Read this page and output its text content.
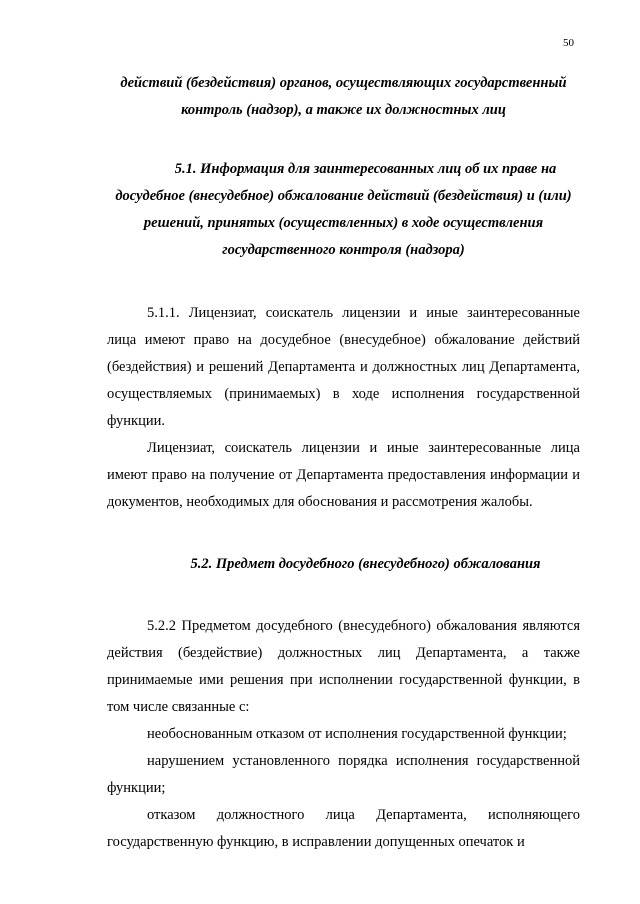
50

действий (бездействия) органов, осуществляющих государственный контроль (надзор), а также их должностных лиц

5.1. Информация для заинтересованных лиц об их праве на досудебное (внесудебное) обжалование действий (бездействия) и (или) решений, принятых (осуществленных) в ходе осуществления государственного контроля (надзора)

5.1.1. Лицензиат, соискатель лицензии и иные заинтересованные лица имеют право на досудебное (внесудебное) обжалование действий (бездействия) и решений Департамента и должностных лиц Департамента, осуществляемых (принимаемых) в ходе исполнения государственной функции.

Лицензиат, соискатель лицензии и иные заинтересованные лица имеют право на получение от Департамента предоставления информации и документов, необходимых для обоснования и рассмотрения жалобы.

5.2. Предмет досудебного (внесудебного) обжалования

5.2.2 Предметом досудебного (внесудебного) обжалования являются действия (бездействие) должностных лиц Департамента, а также принимаемые ими решения при исполнении государственной функции, в том числе связанные с:

необоснованным отказом от исполнения государственной функции;

нарушением установленного порядка исполнения государственной функции;

отказом должностного лица Департамента, исполняющего государственную функцию, в исправлении допущенных опечаток и
